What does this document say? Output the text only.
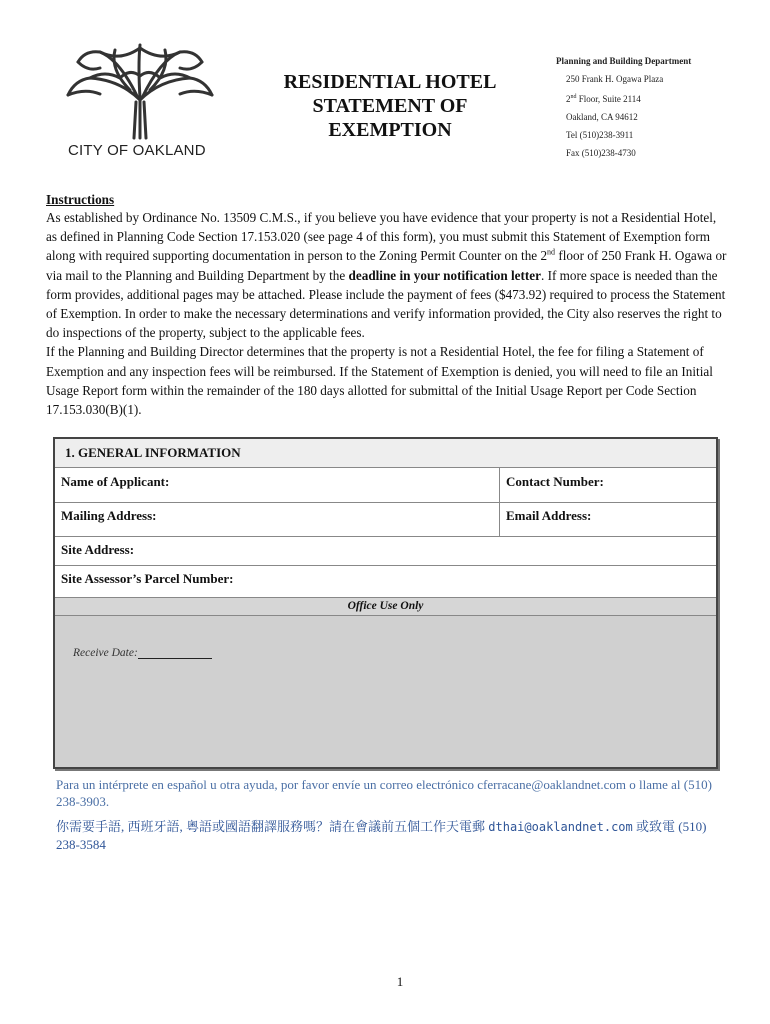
CITY OF OAKLAND
RESIDENTIAL HOTEL
STATEMENT OF
EXEMPTION
Planning and Building Department
250 Frank H. Ogawa Plaza
2nd Floor, Suite 2114
Oakland, CA 94612
Tel (510)238-3911
Fax (510)238-4730
Instructions

As established by Ordinance No. 13509 C.M.S., if you believe you have evidence that your property is not a Residential Hotel, as defined in Planning Code Section 17.153.020 (see page 4 of this form), you must submit this Statement of Exemption form along with required supporting documentation in person to the Zoning Permit Counter on the 2nd floor of 250 Frank H. Ogawa or via mail to the Planning and Building Department by the deadline in your notification letter. If more space is needed than the form provides, additional pages may be attached. Please include the payment of fees ($473.92) required to process the Statement of Exemption. In order to make the necessary determinations and verify information provided, the City also reserves the right to do inspections of the property, subject to the applicable fees.

If the Planning and Building Director determines that the property is not a Residential Hotel, the fee for filing a Statement of Exemption and any inspection fees will be reimbursed. If the Statement of Exemption is denied, you will need to file an Initial Usage Report form within the remainder of the 180 days allotted for submittal of the Initial Usage Report per Code Section 17.153.030(B)(1).

1. GENERAL INFORMATION
Name of Applicant:	Contact Number:
Mailing Address:	Email Address:
Site Address:
Site Assessor’s Parcel Number:
Office Use Only
Receive Date:
Para un intérprete en español u otra ayuda, por favor envíe un correo electrónico cferracane@oaklandnet.com o llame al (510) 238-3903.
你需要手語, 西班牙語, 粵語或國語翻譯服務嗎？請在會議前五個工作天電郵 dthai@oaklandnet.com 或致電 (510) 238-3584
1
